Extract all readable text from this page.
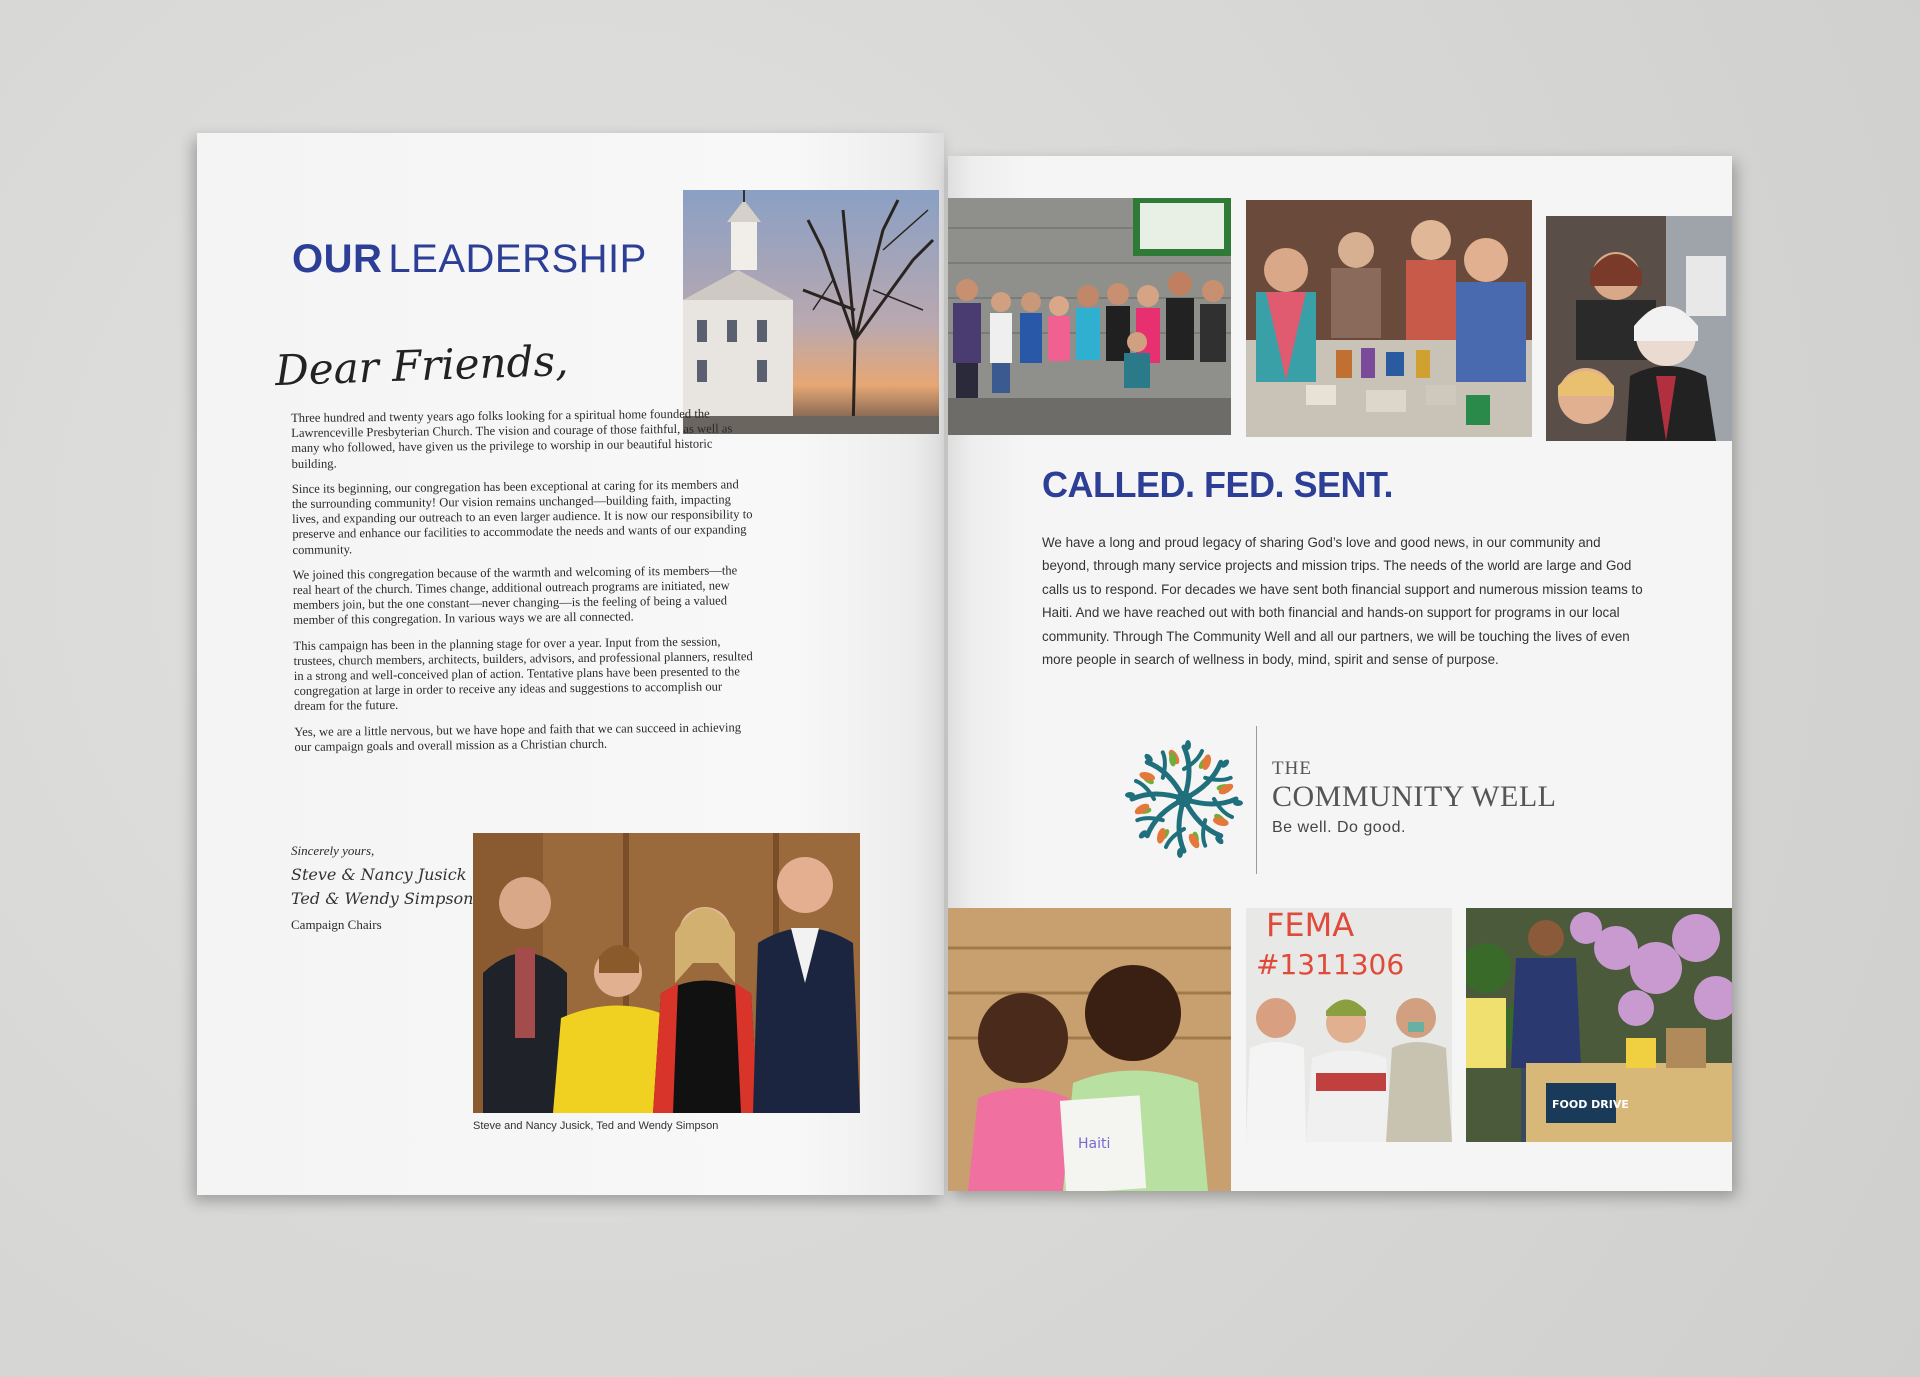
OUR LEADERSHIP

Dear Friends,

Three hundred and twenty years ago folks looking for a spiritual home founded the Lawrenceville Presbyterian Church. The vision and courage of those faithful, as well as many who followed, have given us the privilege to worship in our beautiful historic building.

Since its beginning, our congregation has been exceptional at caring for its members and the surrounding community! Our vision remains unchanged—building faith, impacting lives, and expanding our outreach to an even larger audience. It is now our responsibility to preserve and enhance our facilities to accommodate the needs and wants of our expanding community.

We joined this congregation because of the warmth and welcoming of its members—the real heart of the church. Times change, additional outreach programs are initiated, new members join, but the one constant—never changing—is the feeling of being a valued member of this congregation. In various ways we are all connected.

This campaign has been in the planning stage for over a year. Input from the session, trustees, church members, architects, builders, advisors, and professional planners, resulted in a strong and well-conceived plan of action. Tentative plans have been presented to the congregation at large in order to receive any ideas and suggestions to accomplish our dream for the future.

Yes, we are a little nervous, but we have hope and faith that we can succeed in achieving our campaign goals and overall mission as a Christian church.

Sincerely yours,

Steve & Nancy Jusick

Ted & Wendy Simpson

Campaign Chairs

Steve and Nancy Jusick, Ted and Wendy Simpson
CALLED. FED. SENT.

We have a long and proud legacy of sharing God’s love and good news, in our community and beyond, through many service projects and mission trips. The needs of the world are large and God calls us to respond. For decades we have sent both financial support and numerous mission teams to Haiti. And we have reached out with both financial and hands-on support for programs in our local community. Through The Community Well and all our partners, we will be touching the lives of even more people in search of wellness in body, mind, spirit and sense of purpose.

THE

COMMUNITY WELL

Be well. Do good.

Haiti
FEMA
#1311306
FOOD DRIVE
